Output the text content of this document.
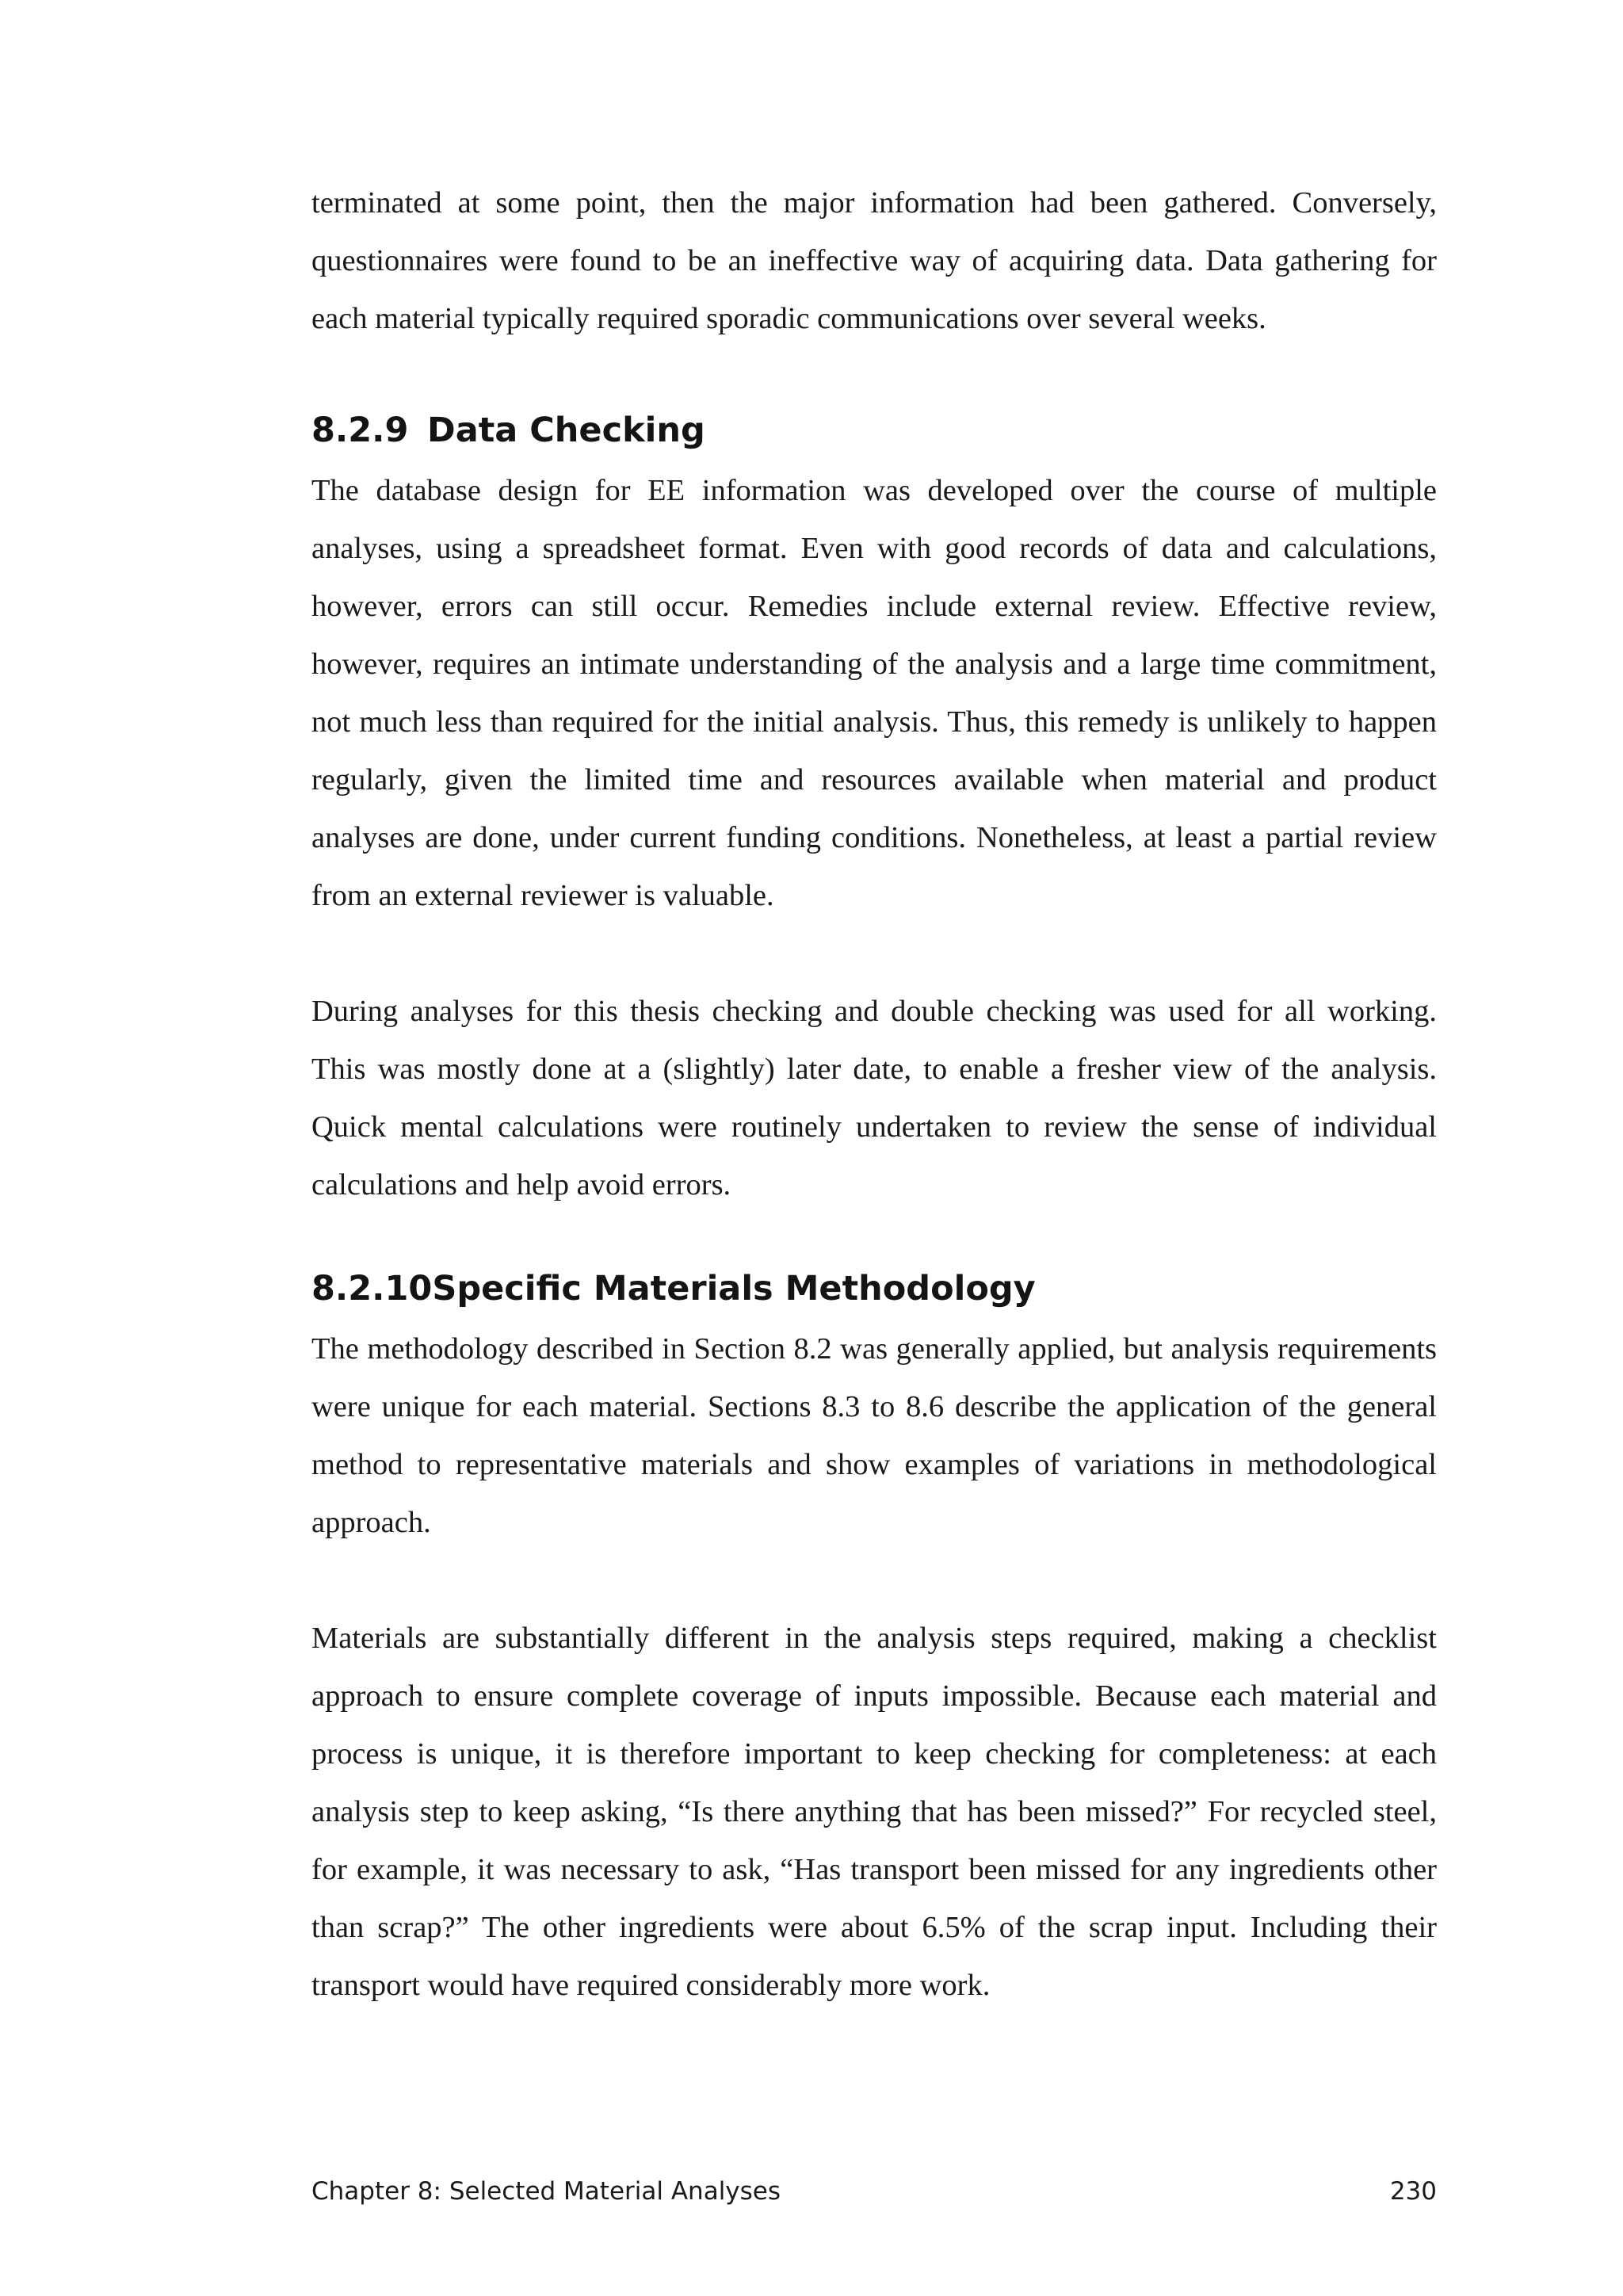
terminated at some point, then the major information had been gathered. Conversely, questionnaires were found to be an ineffective way of acquiring data. Data gathering for each material typically required sporadic communications over several weeks.

8.2.9 Data Checking

The database design for EE information was developed over the course of multiple analyses, using a spreadsheet format. Even with good records of data and calculations, however, errors can still occur. Remedies include external review. Effective review, however, requires an intimate understanding of the analysis and a large time commitment, not much less than required for the initial analysis. Thus, this remedy is unlikely to happen regularly, given the limited time and resources available when material and product analyses are done, under current funding conditions. Nonetheless, at least a partial review from an external reviewer is valuable.

During analyses for this thesis checking and double checking was used for all working. This was mostly done at a (slightly) later date, to enable a fresher view of the analysis. Quick mental calculations were routinely undertaken to review the sense of individual calculations and help avoid errors.

8.2.10 Specific Materials Methodology

The methodology described in Section 8.2 was generally applied, but analysis requirements were unique for each material. Sections 8.3 to 8.6 describe the application of the general method to representative materials and show examples of variations in methodological approach.

Materials are substantially different in the analysis steps required, making a checklist approach to ensure complete coverage of inputs impossible. Because each material and process is unique, it is therefore important to keep checking for completeness: at each analysis step to keep asking, “Is there anything that has been missed?” For recycled steel, for example, it was necessary to ask, “Has transport been missed for any ingredients other than scrap?” The other ingredients were about 6.5% of the scrap input. Including their transport would have required considerably more work.

Chapter 8: Selected Material Analyses	230
